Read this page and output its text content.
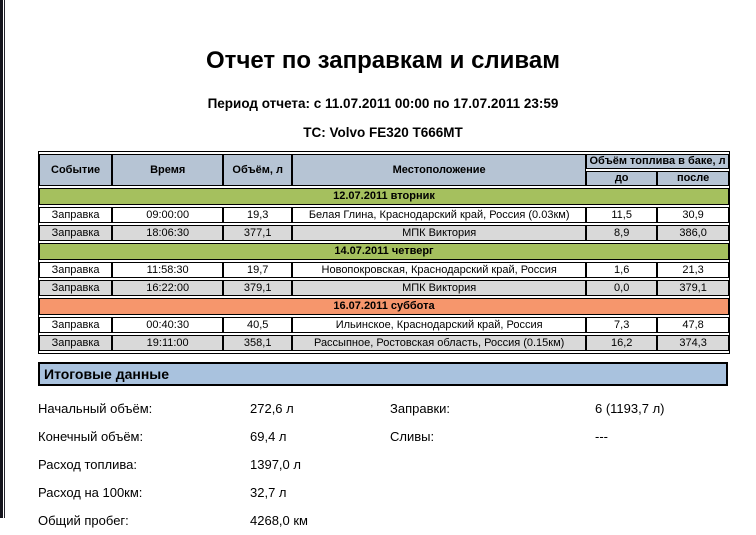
Отчет по заправкам и сливам
Период отчета: с 11.07.2011 00:00 по 17.07.2011 23:59
ТС: Volvo FE320 Т666МТ
Событие	Время	Объём, л	Местоположение	Объём топлива в баке, л	
				до	после
12.07.2011 вторник					
Заправка	09:00:00	19,3	Белая Глина, Краснодарский край, Россия (0.03км)	11,5	30,9
Заправка	18:06:30	377,1	МПК Виктория	8,9	386,0
14.07.2011 четверг					
Заправка	11:58:30	19,7	Новопокровская, Краснодарский край, Россия	1,6	21,3
Заправка	16:22:00	379,1	МПК Виктория	0,0	379,1
16.07.2011 суббота					
Заправка	00:40:30	40,5	Ильинское, Краснодарский край, Россия	7,3	47,8
Заправка	19:11:00	358,1	Рассыпное, Ростовская область, Россия (0.15км)	16,2	374,3
Итоговые данные
Начальный объём:	272,6 л	Заправки:	6 (1193,7 л)
Конечный объём:	69,4 л	Сливы:	---
Расход топлива:	1397,0 л
Расход на 100км:	32,7 л
Общий пробег:	4268,0 км
